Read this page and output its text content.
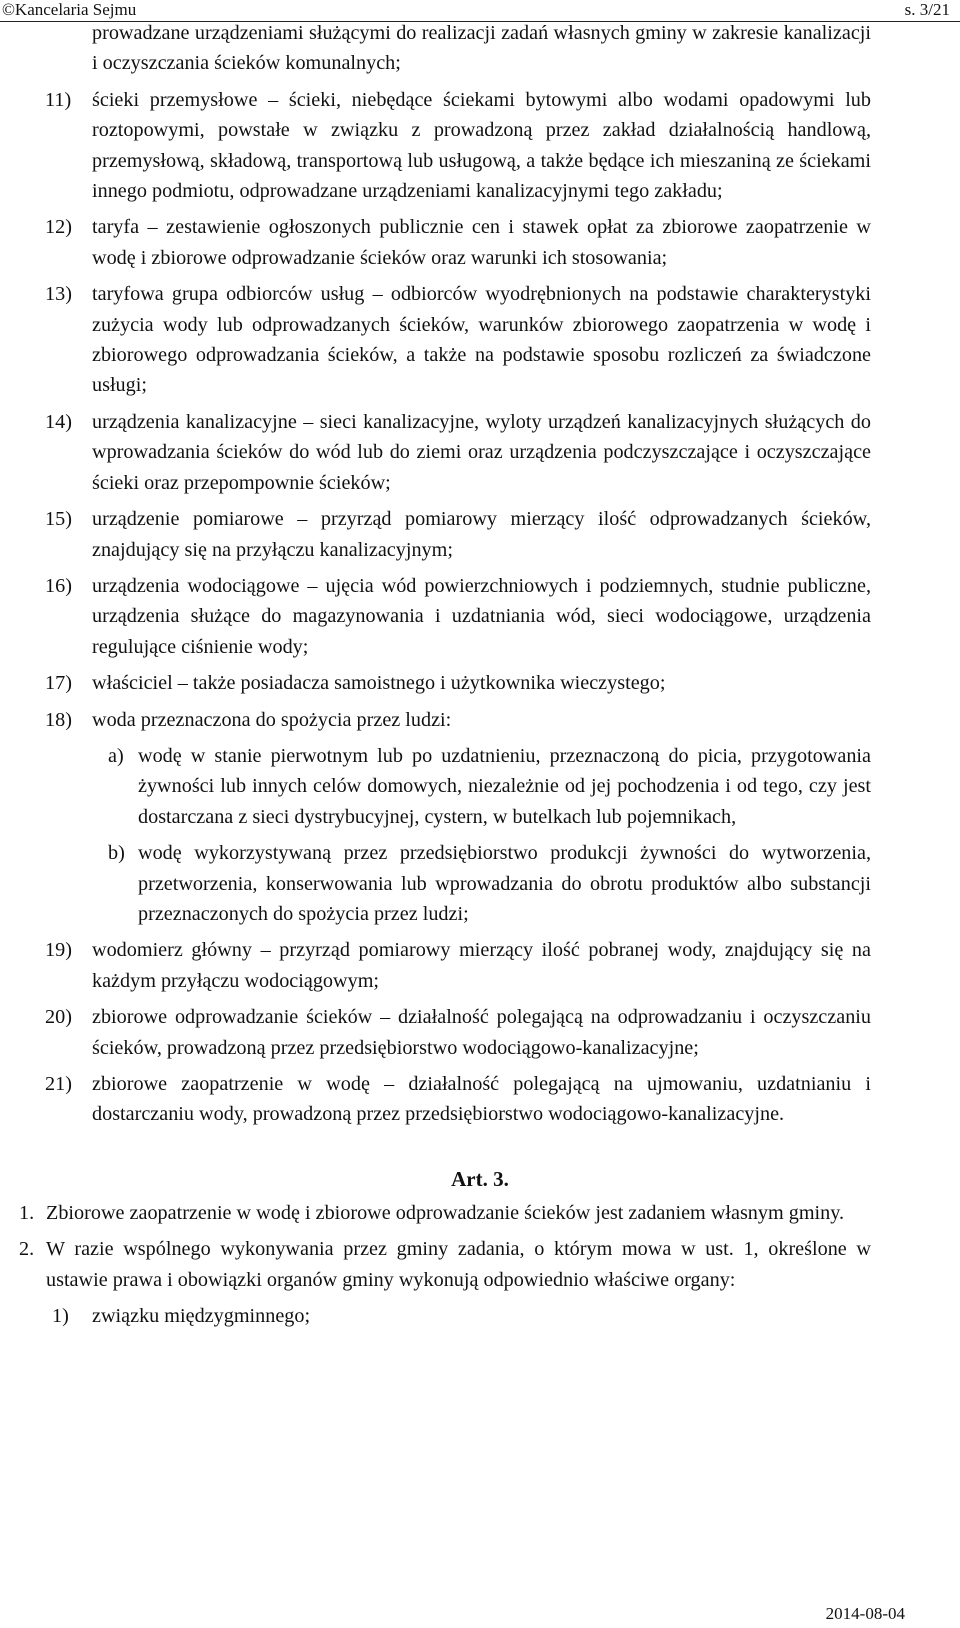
©Kancelaria Sejmu	s. 3/21
prowadzane urządzeniami służącymi do realizacji zadań własnych gminy w zakresie kanalizacji i oczyszczania ścieków komunalnych;
11) ścieki przemysłowe – ścieki, niebędące ściekami bytowymi albo wodami opadowymi lub roztopowymi, powstałe w związku z prowadzoną przez zakład działalnością handlową, przemysłową, składową, transportową lub usługową, a także będące ich mieszaniną ze ściekami innego podmiotu, odprowadzane urządzeniami kanalizacyjnymi tego zakładu;
12) taryfa – zestawienie ogłoszonych publicznie cen i stawek opłat za zbiorowe zaopatrzenie w wodę i zbiorowe odprowadzanie ścieków oraz warunki ich stosowania;
13) taryfowa grupa odbiorców usług – odbiorców wyodrębnionych na podstawie charakterystyki zużycia wody lub odprowadzanych ścieków, warunków zbiorowego zaopatrzenia w wodę i zbiorowego odprowadzania ścieków, a także na podstawie sposobu rozliczeń za świadczone usługi;
14) urządzenia kanalizacyjne – sieci kanalizacyjne, wyloty urządzeń kanalizacyjnych służących do wprowadzania ścieków do wód lub do ziemi oraz urządzenia podczyszczające i oczyszczające ścieki oraz przepompownie ścieków;
15) urządzenie pomiarowe – przyrząd pomiarowy mierzący ilość odprowadzanych ścieków, znajdujący się na przyłączu kanalizacyjnym;
16) urządzenia wodociągowe – ujęcia wód powierzchniowych i podziemnych, studnie publiczne, urządzenia służące do magazynowania i uzdatniania wód, sieci wodociągowe, urządzenia regulujące ciśnienie wody;
17) właściciel – także posiadacza samoistnego i użytkownika wieczystego;
18) woda przeznaczona do spożycia przez ludzi:
a) wodę w stanie pierwotnym lub po uzdatnieniu, przeznaczoną do picia, przygotowania żywności lub innych celów domowych, niezależnie od jej pochodzenia i od tego, czy jest dostarczana z sieci dystrybucyjnej, cystern, w butelkach lub pojemnikach,
b) wodę wykorzystywaną przez przedsiębiorstwo produkcji żywności do wytworzenia, przetworzenia, konserwowania lub wprowadzania do obrotu produktów albo substancji przeznaczonych do spożycia przez ludzi;
19) wodomierz główny – przyrząd pomiarowy mierzący ilość pobranej wody, znajdujący się na każdym przyłączu wodociągowym;
20) zbiorowe odprowadzanie ścieków – działalność polegającą na odprowadzaniu i oczyszczaniu ścieków, prowadzoną przez przedsiębiorstwo wodociągowo-kanalizacyjne;
21) zbiorowe zaopatrzenie w wodę – działalność polegającą na ujmowaniu, uzdatnianiu i dostarczaniu wody, prowadzoną przez przedsiębiorstwo wodociągowo-kanalizacyjne.
Art. 3.
1. Zbiorowe zaopatrzenie w wodę i zbiorowe odprowadzanie ścieków jest zadaniem własnym gminy.
2. W razie wspólnego wykonywania przez gminy zadania, o którym mowa w ust. 1, określone w ustawie prawa i obowiązki organów gminy wykonują odpowiednio właściwe organy:
1) związku międzygminnego;
2014-08-04
